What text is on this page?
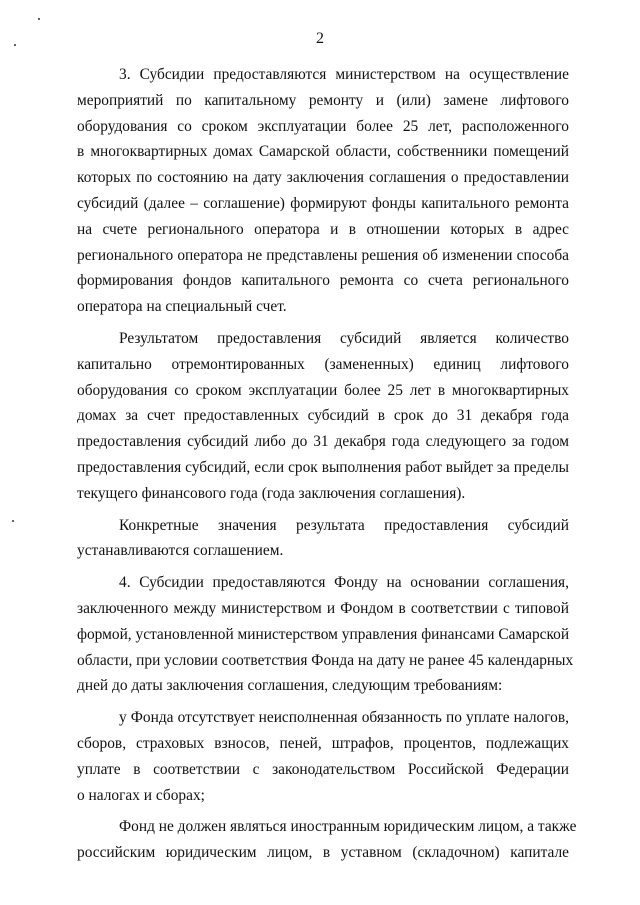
2
3. Субсидии предоставляются министерством на осуществление
мероприятий по капитальному ремонту и (или) замене лифтового
оборудования со сроком эксплуатации более 25 лет, расположенного
в многоквартирных домах Самарской области, собственники помещений
которых по состоянию на дату заключения соглашения о предоставлении
субсидий (далее – соглашение) формируют фонды капитального ремонта
на счете регионального оператора и в отношении которых в адрес
регионального оператора не представлены решения об изменении способа
формирования фондов капитального ремонта со счета регионального
оператора на специальный счет.
Результатом предоставления субсидий является количество
капитально отремонтированных (замененных) единиц лифтового
оборудования со сроком эксплуатации более 25 лет в многоквартирных
домах за счет предоставленных субсидий в срок до 31 декабря года
предоставления субсидий либо до 31 декабря года следующего за годом
предоставления субсидий, если срок выполнения работ выйдет за пределы
текущего финансового года (года заключения соглашения).
Конкретные значения результата предоставления субсидий
устанавливаются соглашением.
4. Субсидии предоставляются Фонду на основании соглашения,
заключенного между министерством и Фондом в соответствии с типовой
формой, установленной министерством управления финансами Самарской
области, при условии соответствия Фонда на дату не ранее 45 календарных
дней до даты заключения соглашения, следующим требованиям:
у Фонда отсутствует неисполненная обязанность по уплате налогов,
сборов, страховых взносов, пеней, штрафов, процентов, подлежащих
уплате в соответствии с законодательством Российской Федерации
о налогах и сборах;
Фонд не должен являться иностранным юридическим лицом, а также
российским юридическим лицом, в уставном (складочном) капитале
